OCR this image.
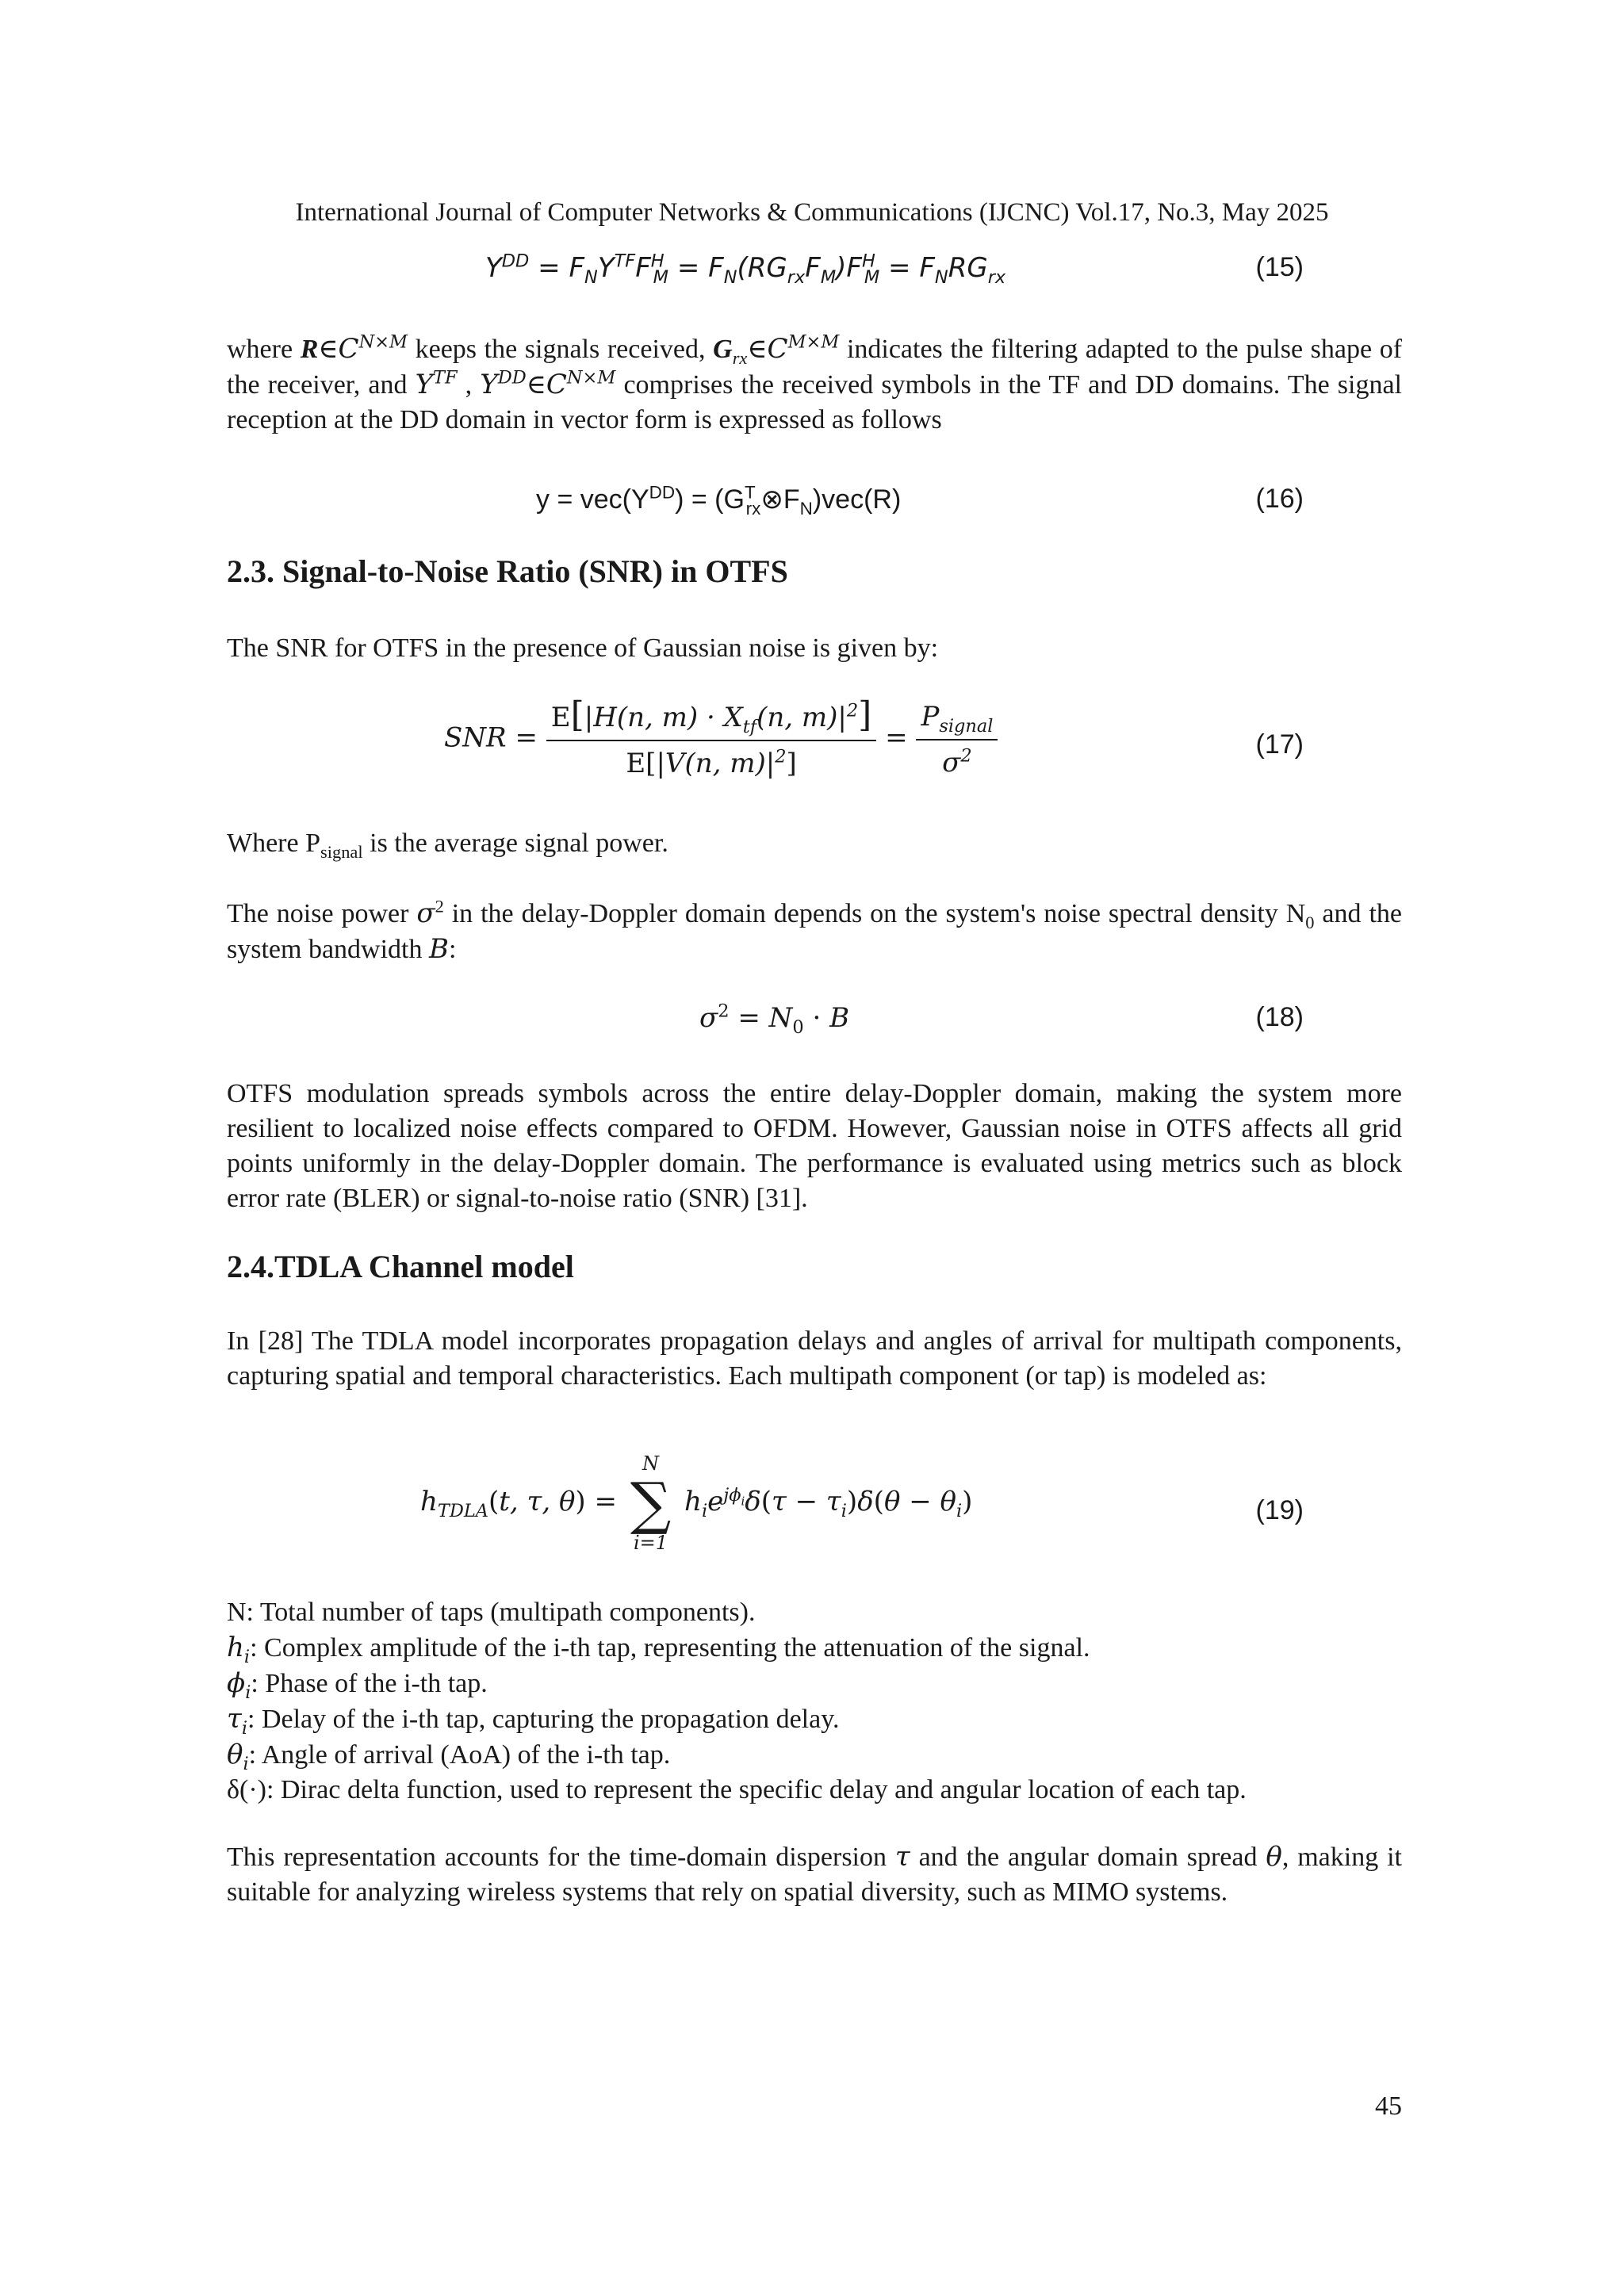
International Journal of Computer Networks & Communications (IJCNC) Vol.17, No.3, May 2025
$Y^{DD} = F_NY^{TF}F^H_M = F_N(RG_{rx}F_M)F^H_M = F_NRG_{rx}$	(15)

where $R\in C^{N\times M}$ keeps the signals received, $G_{rx}\in C^{M\times M}$ indicates the filtering adapted to the pulse shape of the receiver, and $Y^{TF}$ , $Y^{DD}\in C^{N\times M}$ comprises the received symbols in the TF and DD domains. The signal reception at the DD domain in vector form is expressed as follows

$y = vec(Y^{DD})$ = $(G^T_{rx}\otimes F_N)vec(R)$	(16)
2.3. Signal-to-Noise Ratio (SNR) in OTFS
The SNR for OTFS in the presence of Gaussian noise is given by:
SNR = $\frac{E[|H(n, m) \cdot X_{tf}(n, m)|^2]}{E[|V(n, m)|^2]} = \frac{P_{signal}}{\sigma^2}$	(17)
Where $P_{signal}$ is the average signal power.

The noise power $\sigma^2$ in the delay-Doppler domain depends on the system's noise spectral density $N_0$ and the system bandwidth B:

$\sigma^2 = N_0 \cdot B$	(18)
OTFS modulation spreads symbols across the entire delay-Doppler domain, making the system more resilient to localized noise effects compared to OFDM. However, Gaussian noise in OTFS affects all grid points uniformly in the delay-Doppler domain. The performance is evaluated using metrics such as block error rate (BLER) or signal-to-noise ratio (SNR) [31].
2.4.TDLA Channel model
In [28] The TDLA model incorporates propagation delays and angles of arrival for multipath components, capturing spatial and temporal characteristics. Each multipath component (or tap) is modeled as:
$h_{TDLA}(t$, τ, θ) =
N
∑
i=1
$h_ie^{j\phi_i}\delta(\tau - \tau_i)\delta(\theta - \theta_i)$	(19)
N: Total number of taps (multipath components).
$h_i$: Complex amplitude of the i-th tap, representing the attenuation of the signal.
$\phi_i$: Phase of the i-th tap.
$\tau_i$: Delay of the i-th tap, capturing the propagation delay.
$\theta_i$: Angle of arrival (AoA) of the i-th tap.
δ(·): Dirac delta function, used to represent the specific delay and angular location of each tap.

This representation accounts for the time-domain dispersion τ and the angular domain spread θ, making it suitable for analyzing wireless systems that rely on spatial diversity, such as MIMO systems.

45
